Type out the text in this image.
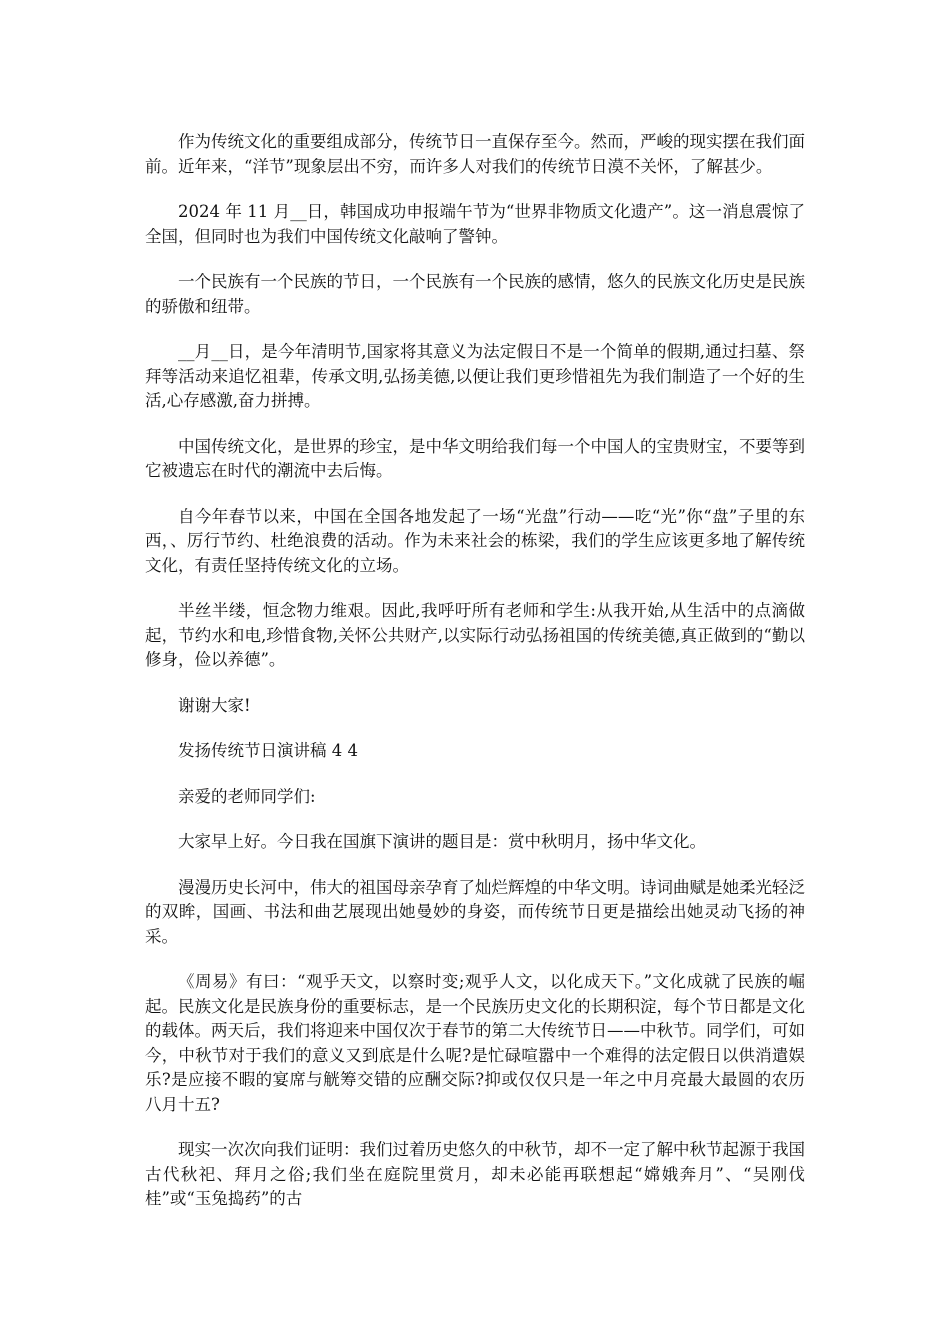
作为传统文化的重要组成部分，传统节日一直保存至今。然而，严峻的现实摆在我们面前。近年来，“洋节”现象层出不穷，而许多人对我们的传统节日漠不关怀，了解甚少。

2024 年 11 月__日，韩国成功申报端午节为“世界非物质文化遗产”。这一消息震惊了全国，但同时也为我们中国传统文化敲响了警钟。

一个民族有一个民族的节日，一个民族有一个民族的感情，悠久的民族文化历史是民族的骄傲和纽带。

__月__日，是今年清明节,国家将其意义为法定假日不是一个简单的假期,通过扫墓、祭拜等活动来追忆祖辈，传承文明,弘扬美德,以便让我们更珍惜祖先为我们制造了一个好的生活,心存感激,奋力拼搏。

中国传统文化，是世界的珍宝，是中华文明给我们每一个中国人的宝贵财宝，不要等到它被遗忘在时代的潮流中去后悔。

自今年春节以来，中国在全国各地发起了一场“光盘”行动——吃“光”你“盘”子里的东西，、厉行节约、杜绝浪费的活动。作为未来社会的栋梁，我们的学生应该更多地了解传统文化，有责任坚持传统文化的立场。

半丝半缕，恒念物力维艰。因此,我呼吁所有老师和学生:从我开始,从生活中的点滴做起，节约水和电,珍惜食物,关怀公共财产,以实际行动弘扬祖国的传统美德,真正做到的“勤以修身，俭以养德”。

谢谢大家!

发扬传统节日演讲稿 4 4

亲爱的老师同学们:

大家早上好。今日我在国旗下演讲的题目是：赏中秋明月，扬中华文化。

漫漫历史长河中，伟大的祖国母亲孕育了灿烂辉煌的中华文明。诗词曲赋是她柔光轻泛的双眸，国画、书法和曲艺展现出她曼妙的身姿，而传统节日更是描绘出她灵动飞扬的神采。

《周易》有曰：“观乎天文，以察时变;观乎人文，以化成天下。”文化成就了民族的崛起。民族文化是民族身份的重要标志，是一个民族历史文化的长期积淀，每个节日都是文化的载体。两天后，我们将迎来中国仅次于春节的第二大传统节日——中秋节。同学们，可如今，中秋节对于我们的意义又到底是什么呢?是忙碌喧嚣中一个难得的法定假日以供消遣娱乐?是应接不暇的宴席与觥筹交错的应酬交际?抑或仅仅只是一年之中月亮最大最圆的农历八月十五?

现实一次次向我们证明：我们过着历史悠久的中秋节，却不一定了解中秋节起源于我国古代秋祀、拜月之俗;我们坐在庭院里赏月，却未必能再联想起“嫦娥奔月”、“吴刚伐桂”或“玉兔捣药”的古
